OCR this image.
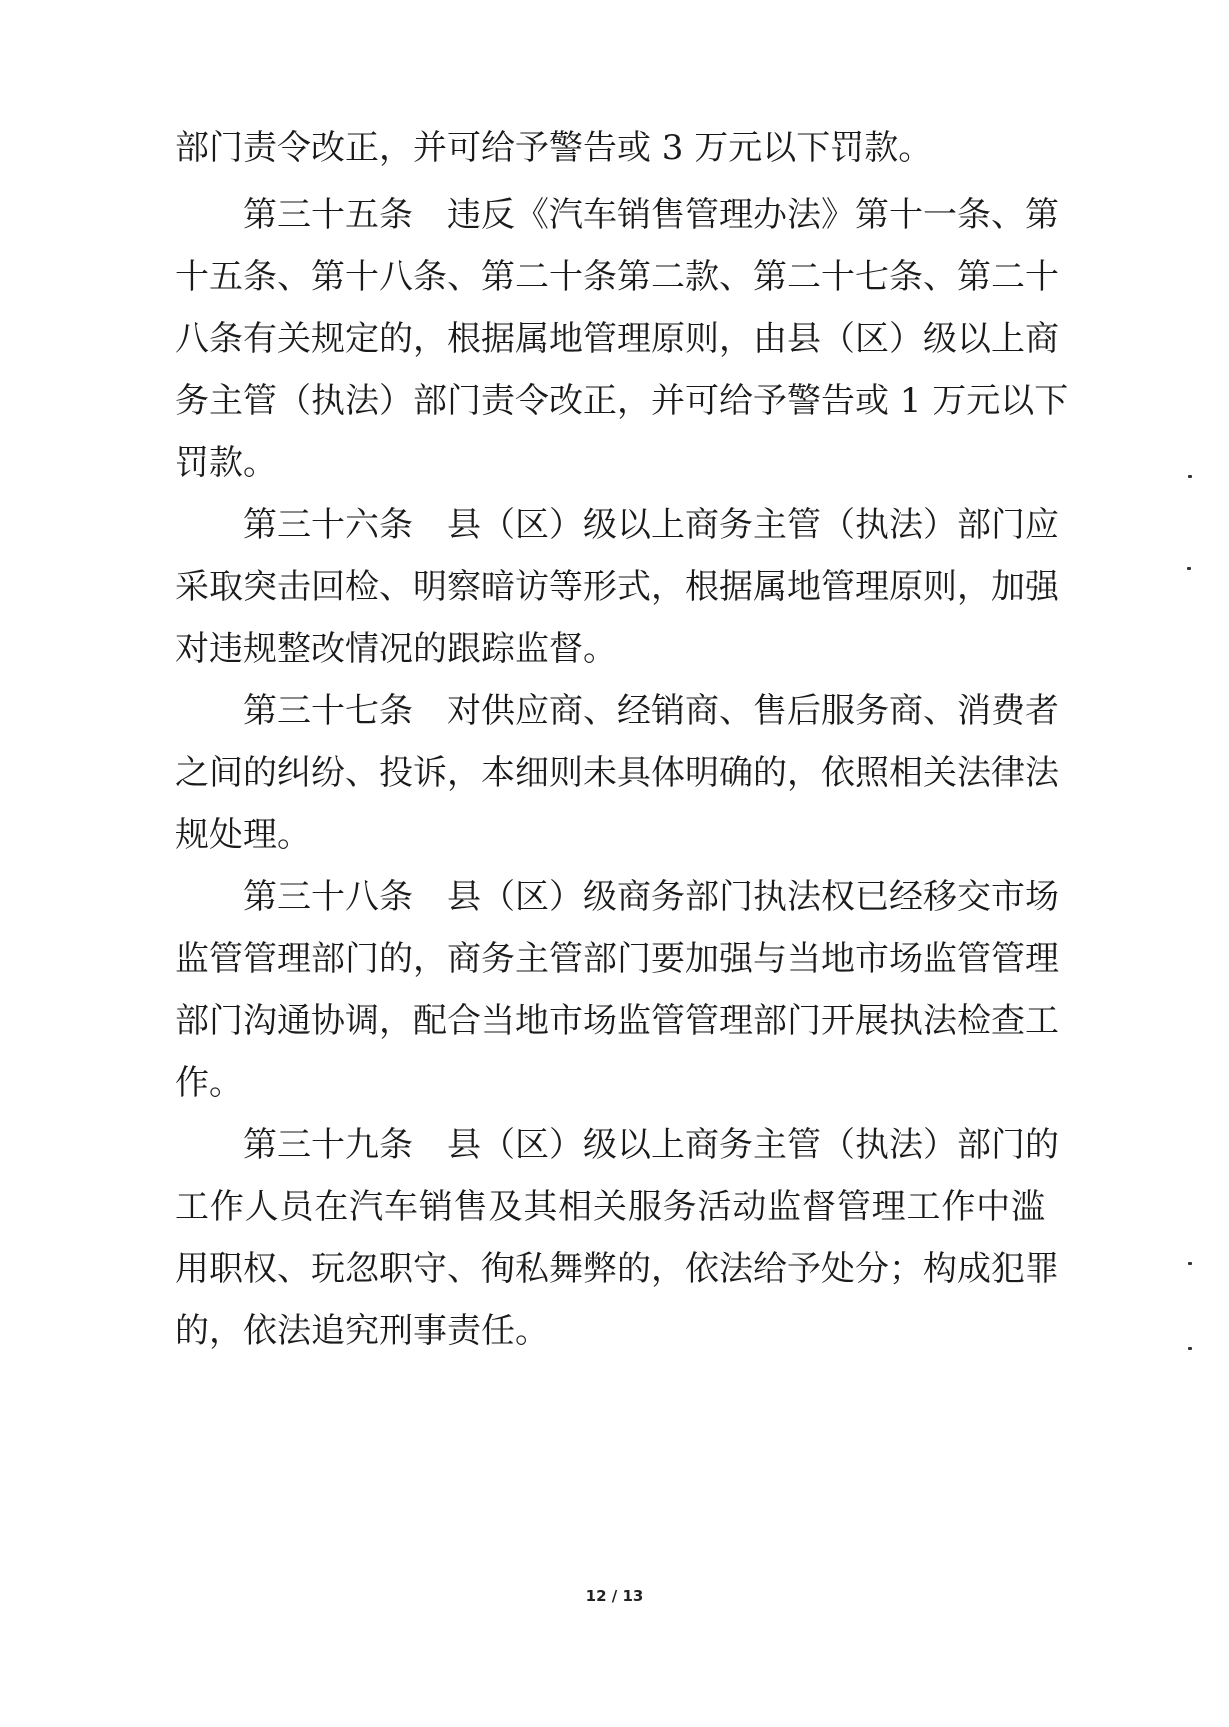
部门责令改正，并可给予警告或 3 万元以下罚款。
第三十五条　违反《汽车销售管理办法》第十一条、第
十五条、第十八条、第二十条第二款、第二十七条、第二十
八条有关规定的，根据属地管理原则，由县（区）级以上商
务主管（执法）部门责令改正，并可给予警告或 1 万元以下
罚款。
第三十六条　县（区）级以上商务主管（执法）部门应
采取突击回检、明察暗访等形式，根据属地管理原则，加强
对违规整改情况的跟踪监督。
第三十七条　对供应商、经销商、售后服务商、消费者
之间的纠纷、投诉，本细则未具体明确的，依照相关法律法
规处理。
第三十八条　县（区）级商务部门执法权已经移交市场
监管管理部门的，商务主管部门要加强与当地市场监管管理
部门沟通协调，配合当地市场监管管理部门开展执法检查工
作。
第三十九条　县（区）级以上商务主管（执法）部门的
工作人员在汽车销售及其相关服务活动监督管理工作中滥
用职权、玩忽职守、徇私舞弊的，依法给予处分；构成犯罪
的，依法追究刑事责任。
12 / 13
